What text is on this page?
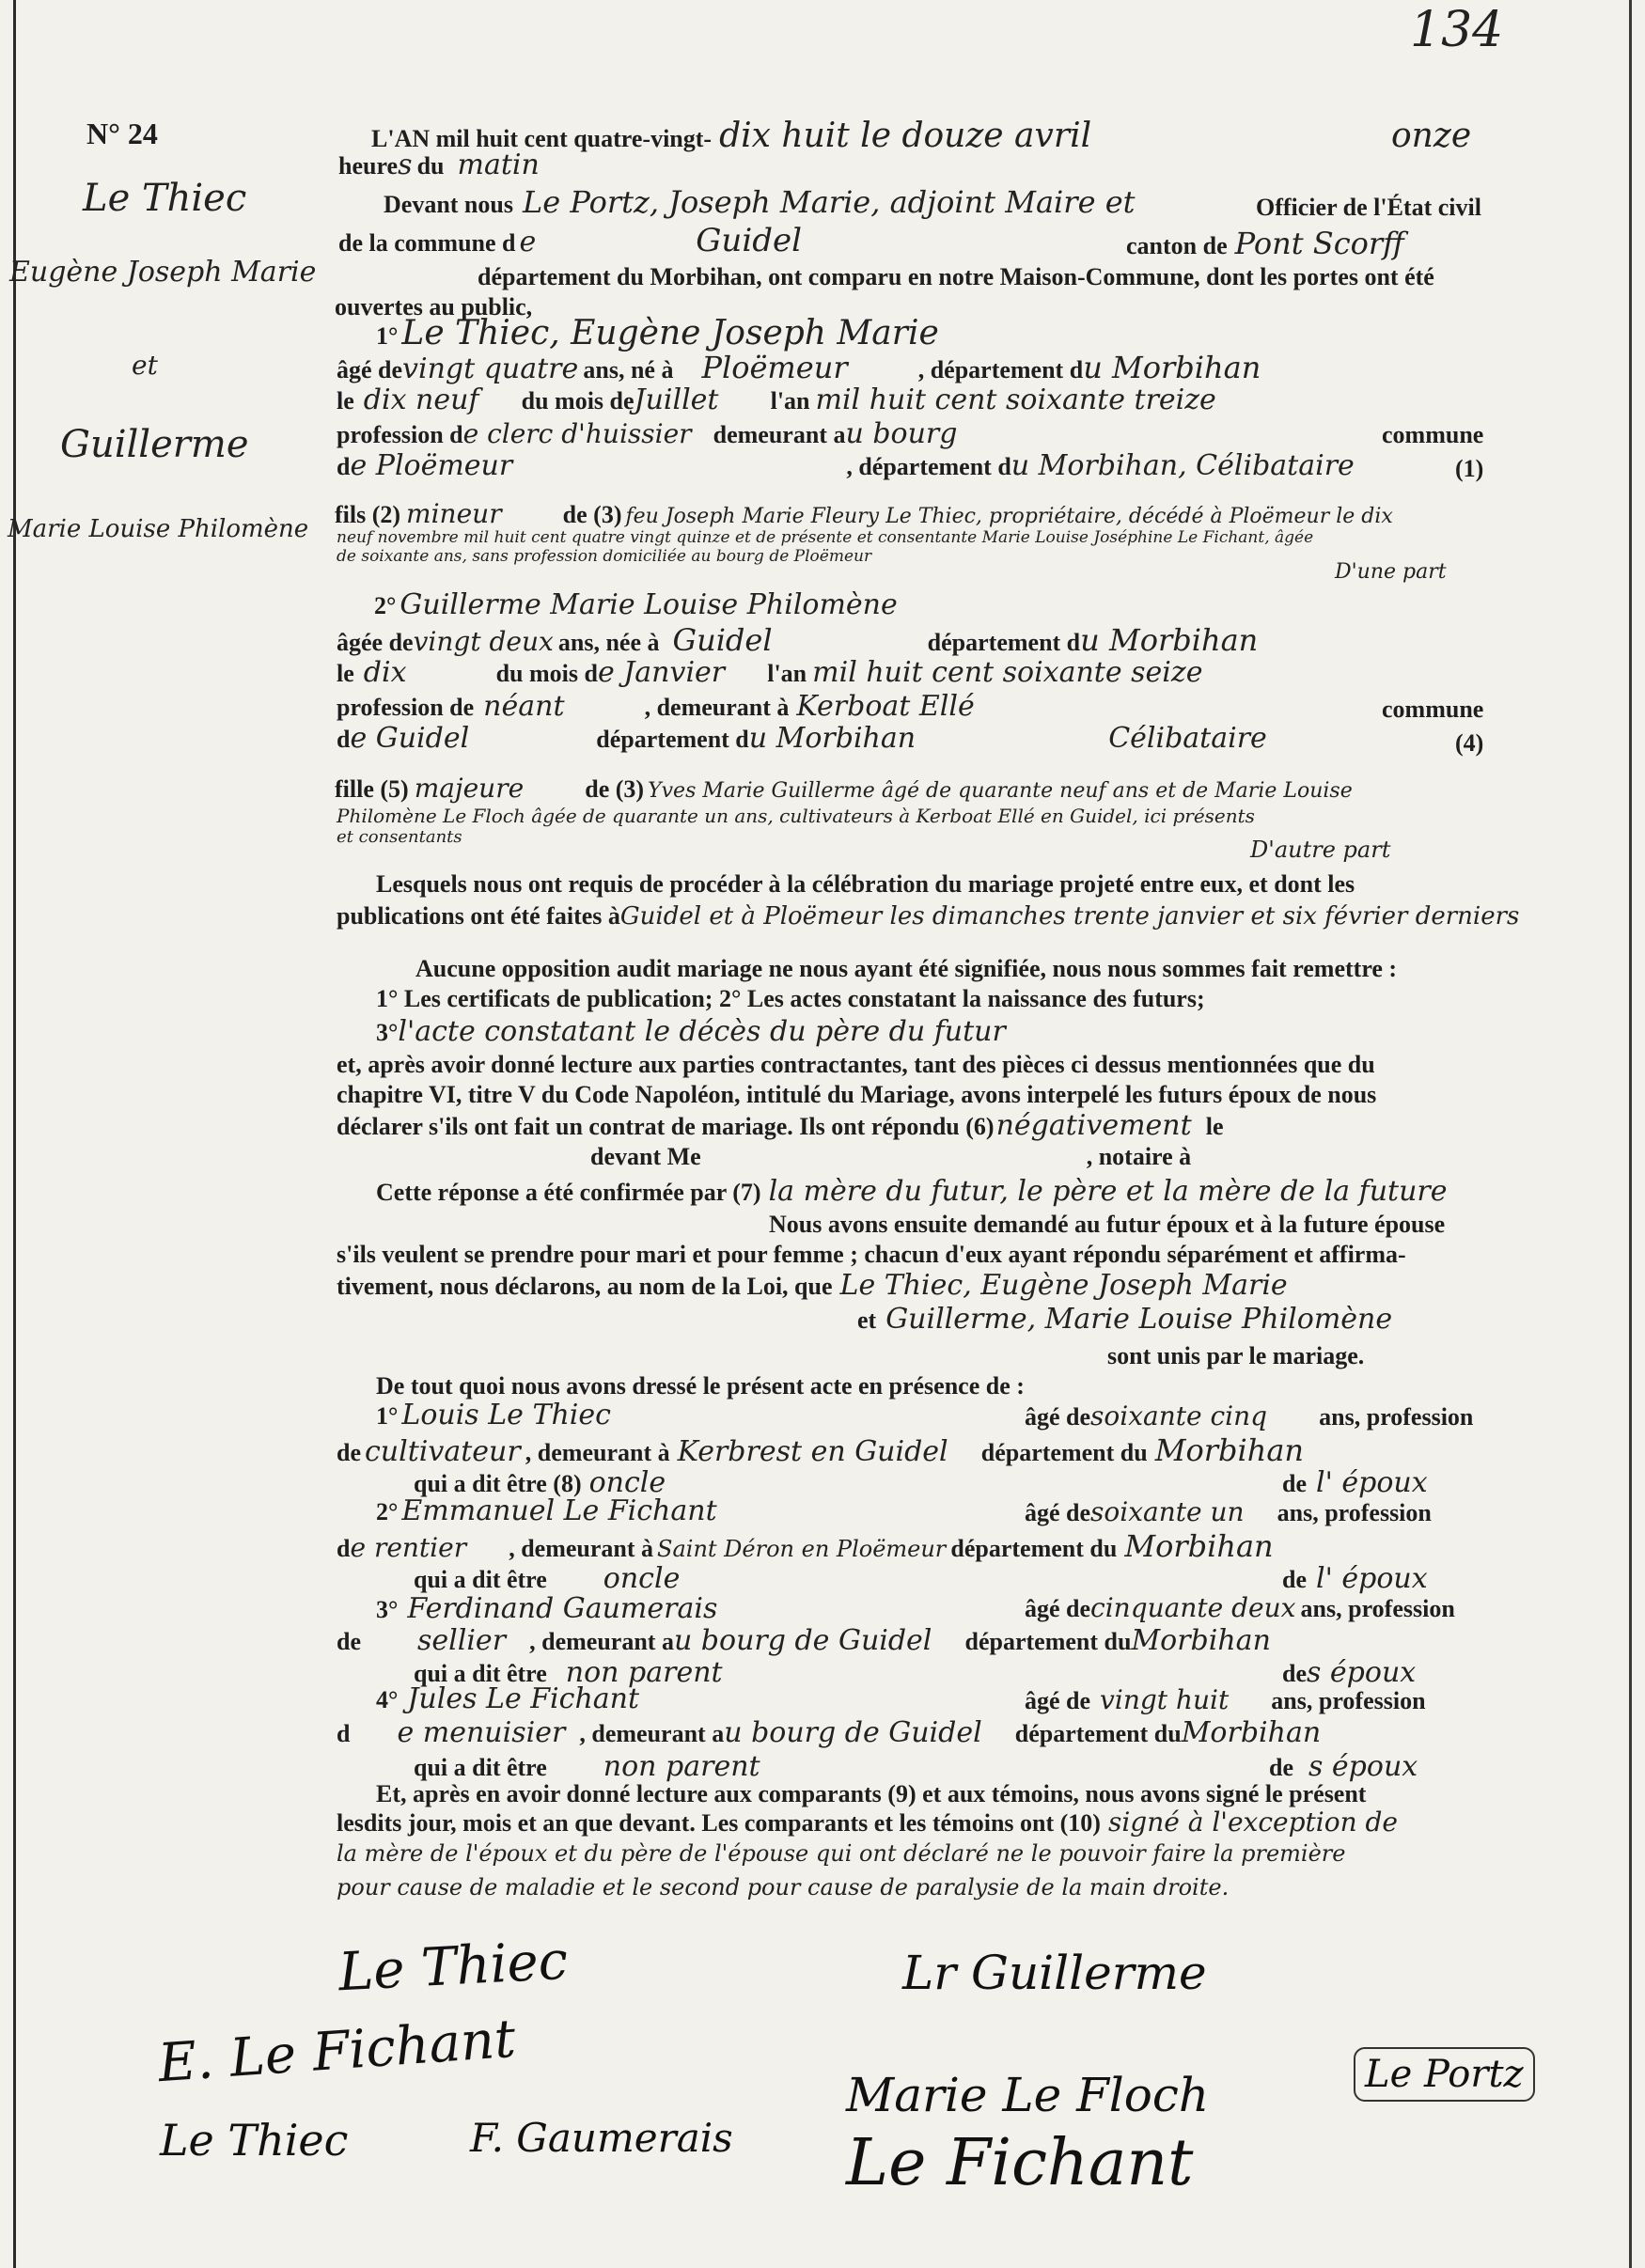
134
N° 24
Le Thiec
Eugène Joseph Marie
et
Guillerme
Marie Louise Philomène
L'AN mil huit cent quatre-vingt- dix huit le douze avril	onze
heures du matin
Devant nous Le Portz, Joseph Marie, adjoint Maire et	Officier de l'État civil
de la commune d e	Guidel	canton de Pont Scorff
département du Morbihan, ont comparu en notre Maison-Commune, dont les portes ont été
ouvertes au public,
1° Le Thiec, Eugène Joseph Marie
âgé devingt quatre ans, né à Ploëmeur	, département du Morbihan
le dix neuf du mois deJuillet l'an mil huit cent soixante treize
profession de clerc d'huissier demeurant au bourg	commune
de Ploëmeur	, département du Morbihan, Célibataire	(1)
fils (2) mineur	de (3) feu Joseph Marie Fleury Le Thiec, propriétaire, décédé à Ploëmeur le dix
neuf novembre mil huit cent quatre vingt quinze et de présente et consentante Marie Louise Joséphine Le Fichant, âgée
de soixante ans, sans profession domiciliée au bourg de Ploëmeur
D'une part
2° Guillerme Marie Louise Philomène
âgée devingt deux ans, née à Guidel	département du Morbihan
le dix	du mois de Janvier l'an mil huit cent soixante seize
profession de néant	, demeurant à Kerboat Ellé	commune
de Guidel	département du Morbihan	Célibataire	(4)
fille (5) majeure	de (3) Yves Marie Guillerme âgé de quarante neuf ans et de Marie Louise
Philomène Le Floch âgée de quarante un ans, cultivateurs à Kerboat Ellé en Guidel, ici présents
et consentants	D'autre part
Lesquels nous ont requis de procéder à la célébration du mariage projeté entre eux, et dont les
publications ont été faites àGuidel et à Ploëmeur les dimanches trente janvier et six février derniers
Aucune opposition audit mariage ne nous ayant été signifiée, nous nous sommes fait remettre :
1° Les certificats de publication; 2° Les actes constatant la naissance des futurs;
3°l'acte constatant le décès du père du futur
et, après avoir donné lecture aux parties contractantes, tant des pièces ci dessus mentionnées que du
chapitre VI, titre V du Code Napoléon, intitulé du Mariage, avons interpelé les futurs époux de nous
déclarer s'ils ont fait un contrat de mariage. Ils ont répondu (6)négativement le
devant Me	, notaire à
Cette réponse a été confirmée par (7) la mère du futur, le père et la mère de la future
Nous avons ensuite demandé au futur époux et à la future épouse
s'ils veulent se prendre pour mari et pour femme ; chacun d'eux ayant répondu séparément et affirma-
tivement, nous déclarons, au nom de la Loi, que Le Thiec, Eugène Joseph Marie
et Guillerme, Marie Louise Philomène
sont unis par le mariage.
De tout quoi nous avons dressé le présent acte en présence de :
1° Louis Le Thiec	âgé desoixante cinq ans, profession
de cultivateur , demeurant à Kerbrest en Guidel département du Morbihan
qui a dit être (8) oncle	de l' époux
2° Emmanuel Le Fichant	âgé desoixante un ans, profession
de rentier , demeurant à Saint Déron en Ploëmeur département du Morbihan
qui a dit être oncle	de l' époux
3° Ferdinand Gaumerais	âgé decinquante deux ans, profession
de sellier , demeurant au bourg de Guidel département duMorbihan
qui a dit être non parent	des époux
4° Jules Le Fichant	âgé de vingt huit ans, profession
d e menuisier , demeurant au bourg de Guidel département duMorbihan
qui a dit être non parent	de s époux
Et, après en avoir donné lecture aux comparants (9) et aux témoins, nous avons signé le présent
lesdits jour, mois et an que devant. Les comparants et les témoins ont (10) signé à l'exception de
la mère de l'époux et du père de l'épouse qui ont déclaré ne le pouvoir faire la première
pour cause de maladie et le second pour cause de paralysie de la main droite.
Le Thiec
E. Le Fichant
Le Thiec
Lr Guillerme
Marie Le Floch
Le Fichant
F. Gaumerais
Le Portz
